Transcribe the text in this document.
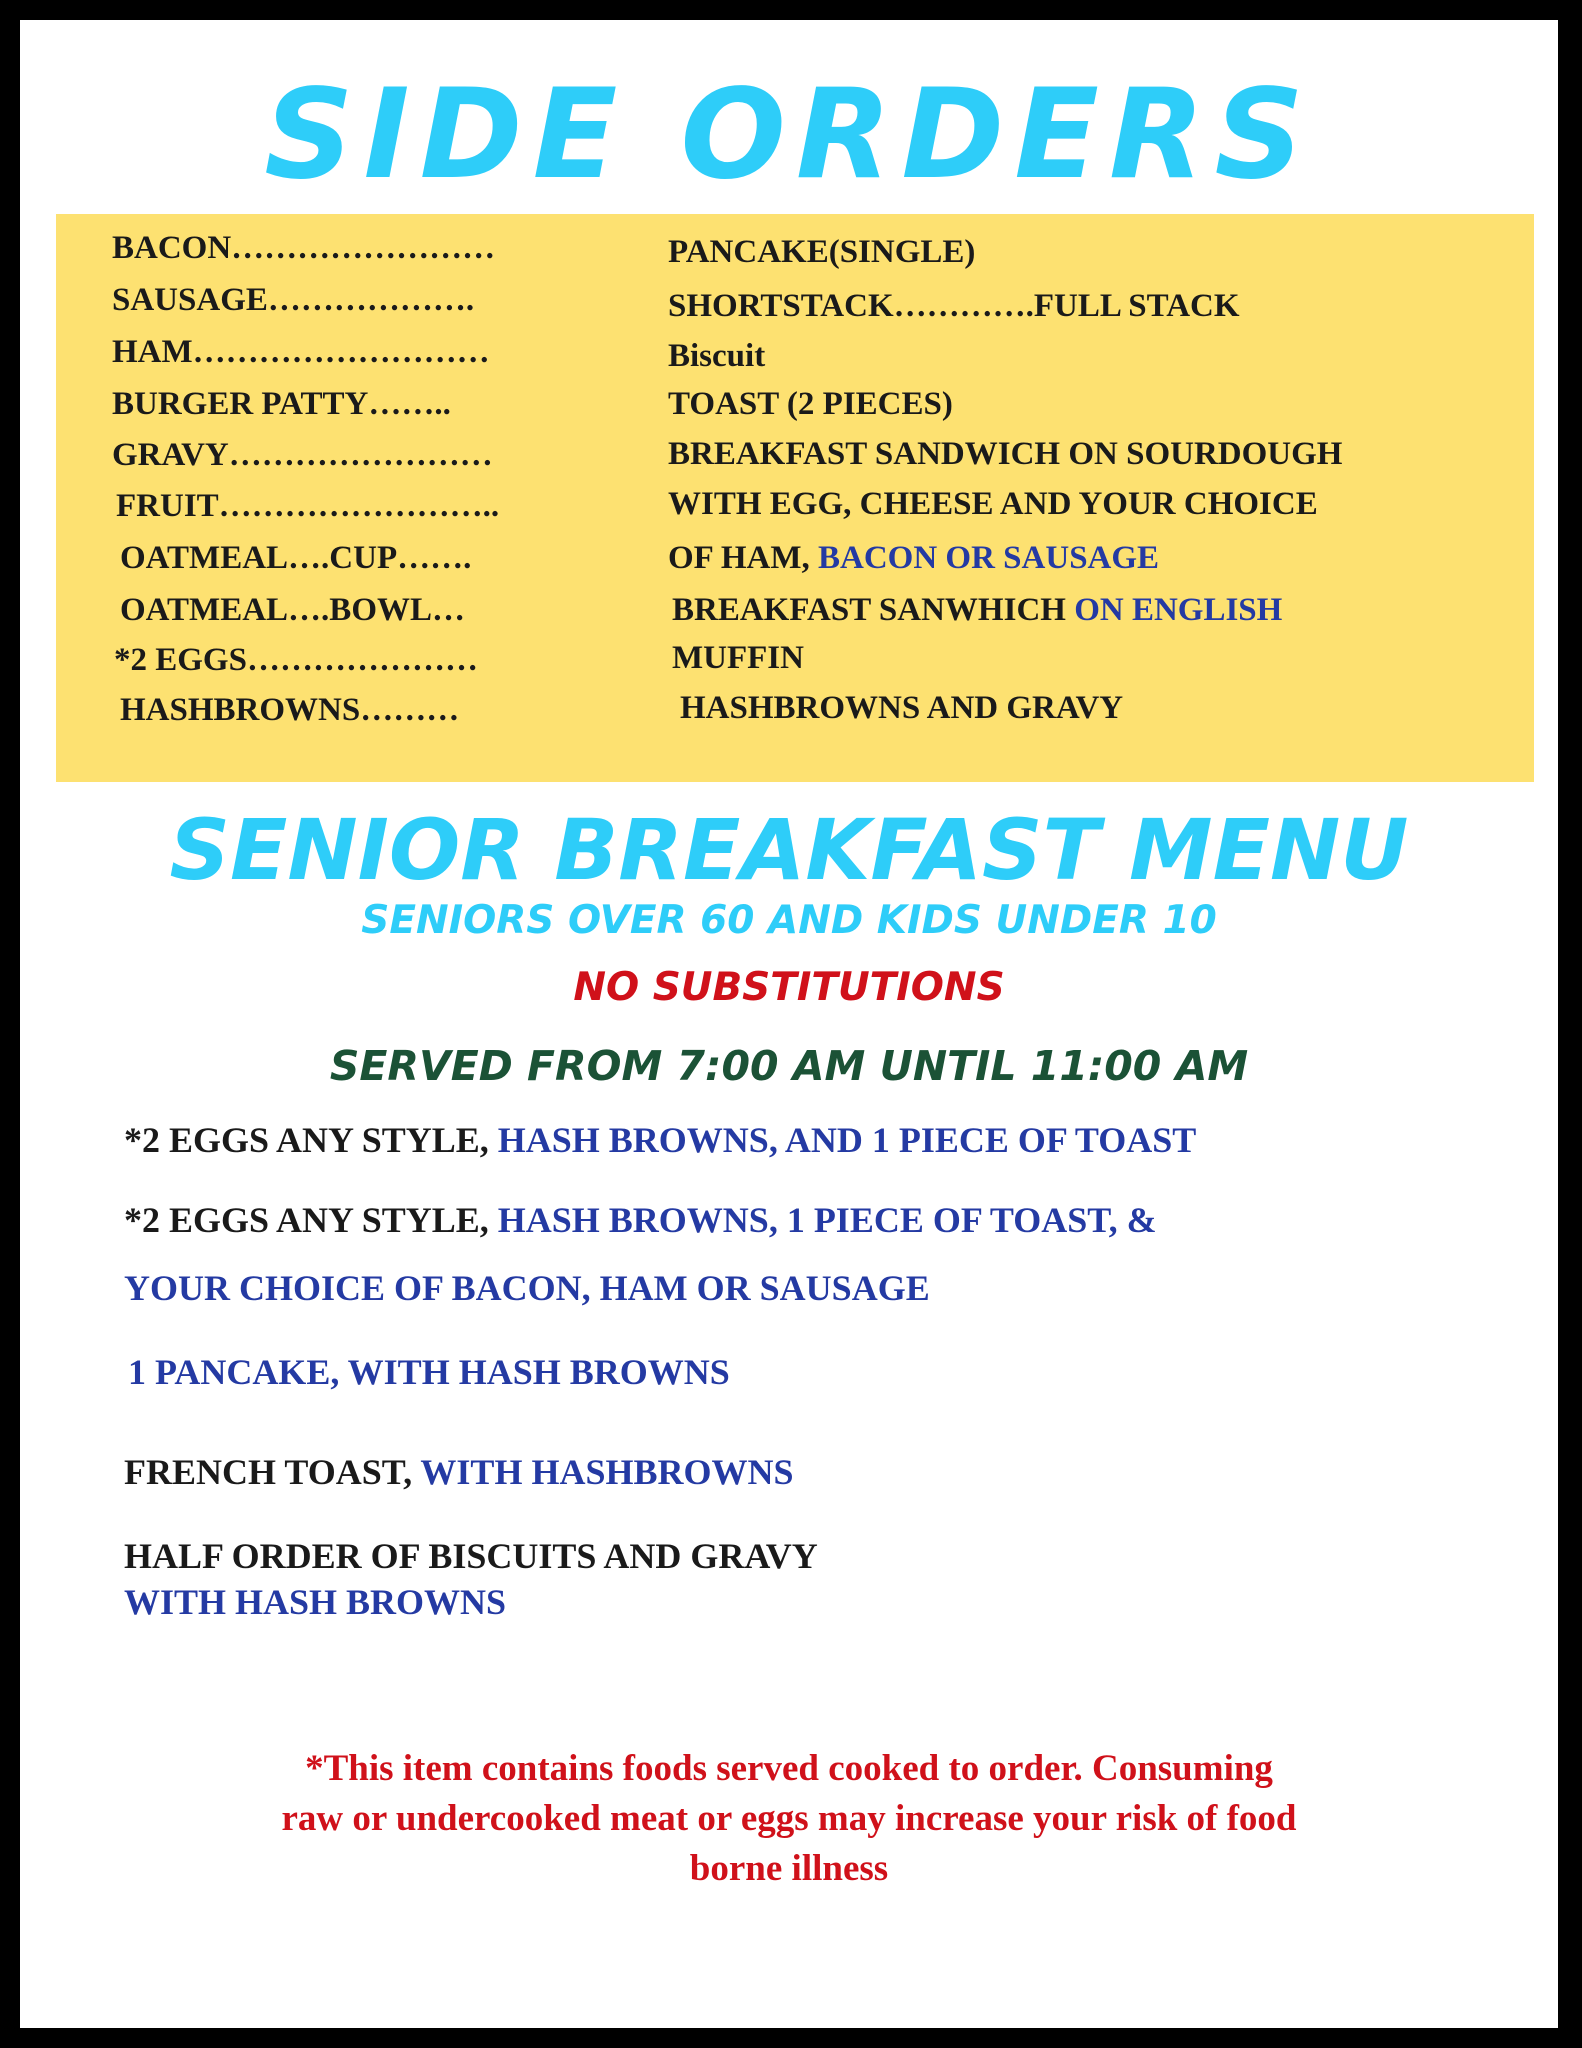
SIDE ORDERS
BACON……………………
SAUSAGE……………….
HAM………………………
BURGER PATTY……..
GRAVY……………………
FRUIT……………………..
OATMEAL….CUP…….
OATMEAL….BOWL…
*2 EGGS…………………
HASHBROWNS………
PANCAKE(SINGLE)
SHORTSTACK………….FULL STACK
Biscuit
TOAST (2 PIECES)
BREAKFAST SANDWICH ON SOURDOUGH
WITH EGG, CHEESE AND YOUR CHOICE
OF HAM, BACON OR SAUSAGE
BREAKFAST SANWHICH ON ENGLISH
MUFFIN
HASHBROWNS AND GRAVY
SENIOR BREAKFAST MENU
SENIORS OVER 60 AND KIDS UNDER 10
NO SUBSTITUTIONS
SERVED FROM 7:00 AM UNTIL 11:00 AM
*2 EGGS ANY STYLE, HASH BROWNS, AND 1 PIECE OF TOAST
*2 EGGS ANY STYLE, HASH BROWNS, 1 PIECE OF TOAST, &
YOUR CHOICE OF BACON, HAM OR SAUSAGE
1 PANCAKE, WITH HASH BROWNS
FRENCH TOAST, WITH HASHBROWNS
HALF ORDER OF BISCUITS AND GRAVY
WITH HASH BROWNS
*This item contains foods served cooked to order. Consuming
raw or undercooked meat or eggs may increase your risk of food
borne illness
